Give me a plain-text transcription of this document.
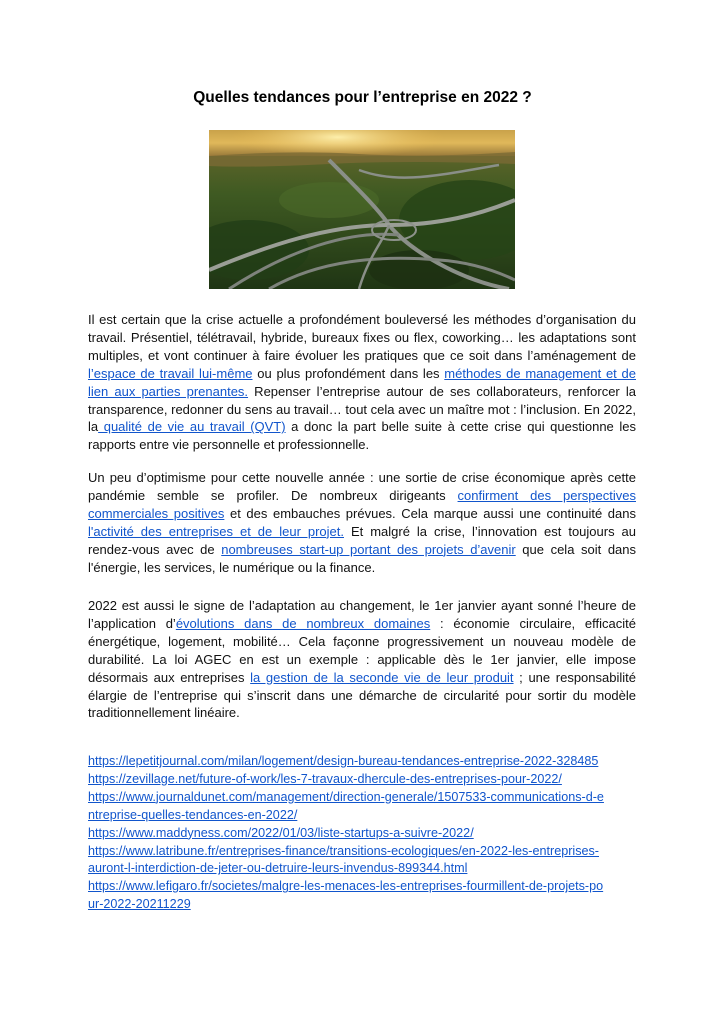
Quelles tendances pour l’entreprise en 2022 ?

Il est certain que la crise actuelle a profondément bouleversé les méthodes d’organisation du travail. Présentiel, télétravail, hybride, bureaux fixes ou flex, coworking… les adaptations sont multiples, et vont continuer à faire évoluer les pratiques que ce soit dans l’aménagement de l’espace de travail lui-même ou plus profondément dans les méthodes de management et de lien aux parties prenantes. Repenser l’entreprise autour de ses collaborateurs, renforcer la transparence, redonner du sens au travail… tout cela avec un maître mot : l’inclusion. En 2022, la qualité de vie au travail (QVT) a donc la part belle suite à cette crise qui questionne les rapports entre vie personnelle et professionnelle.

Un peu d’optimisme pour cette nouvelle année : une sortie de crise économique après cette pandémie semble se profiler. De nombreux dirigeants confirment des perspectives commerciales positives et des embauches prévues. Cela marque aussi une continuité dans l'activité des entreprises et de leur projet. Et malgré la crise, l’innovation est toujours au rendez-vous avec de nombreuses start-up portant des projets d’avenir que cela soit dans l'énergie, les services, le numérique ou la finance.

2022 est aussi le signe de l’adaptation au changement, le 1er janvier ayant sonné l’heure de l’application d’évolutions dans de nombreux domaines : économie circulaire, efficacité énergétique, logement, mobilité… Cela façonne progressivement un nouveau modèle de durabilité. La loi AGEC en est un exemple : applicable dès le 1er janvier, elle impose désormais aux entreprises la gestion de la seconde vie de leur produit ; une responsabilité élargie de l’entreprise qui s’inscrit dans une démarche de circularité pour sortir du modèle traditionnellement linéaire.

https://lepetitjournal.com/milan/logement/design-bureau-tendances-entreprise-2022-328485
https://zevillage.net/future-of-work/les-7-travaux-dhercule-des-entreprises-pour-2022/
https://www.journaldunet.com/management/direction-generale/1507533-communications-d-e
ntreprise-quelles-tendances-en-2022/
https://www.maddyness.com/2022/01/03/liste-startups-a-suivre-2022/
https://www.latribune.fr/entreprises-finance/transitions-ecologiques/en-2022-les-entreprises-
auront-l-interdiction-de-jeter-ou-detruire-leurs-invendus-899344.html
https://www.lefigaro.fr/societes/malgre-les-menaces-les-entreprises-fourmillent-de-projets-po
ur-2022-20211229
